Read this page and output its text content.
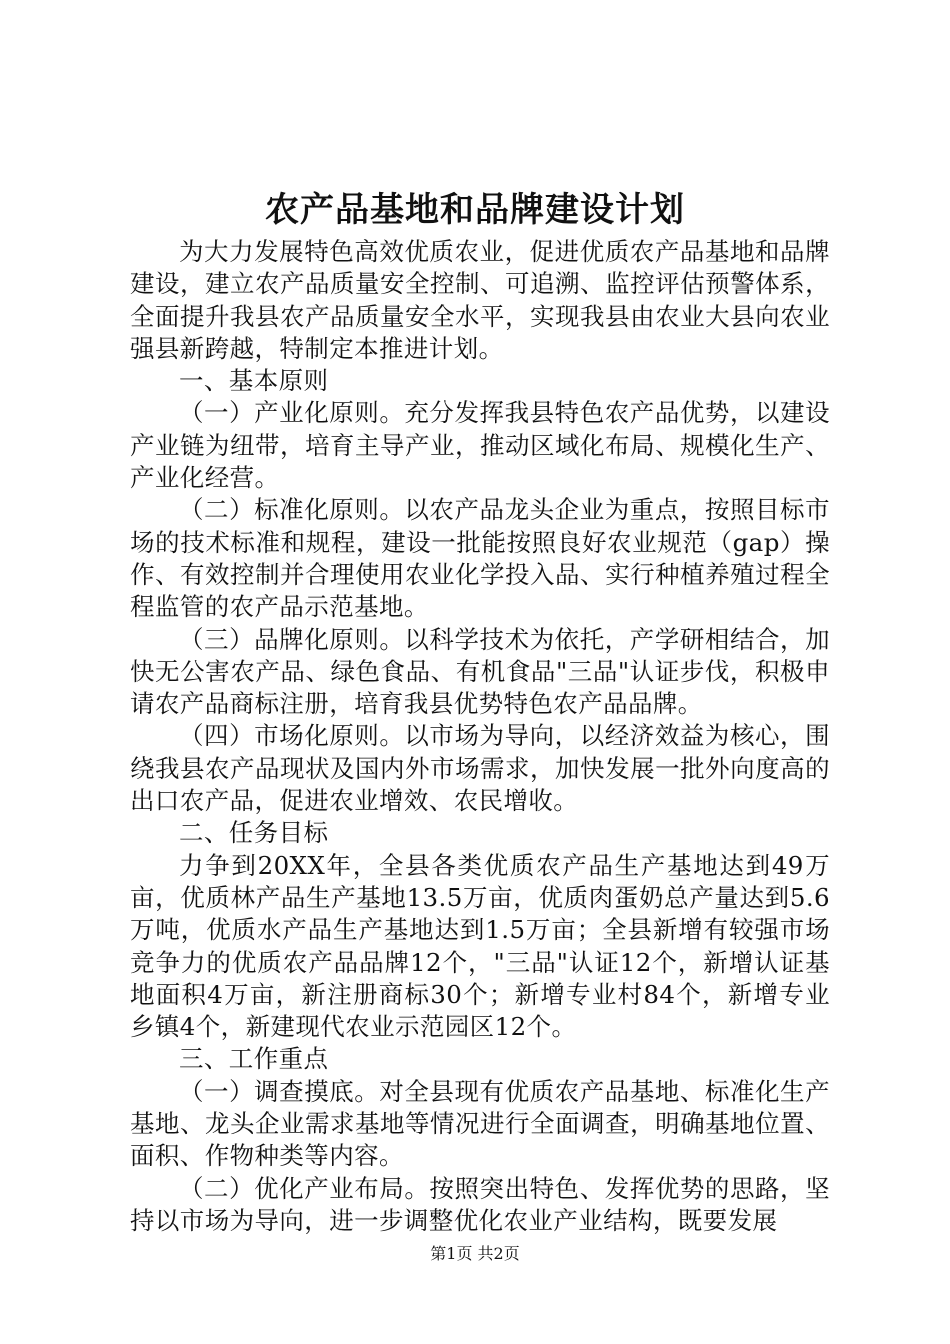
农产品基地和品牌建设计划

为大力发展特色高效优质农业，促进优质农产品基地和品牌建设，建立农产品质量安全控制、可追溯、监控评估预警体系，全面提升我县农产品质量安全水平，实现我县由农业大县向农业强县新跨越，特制定本推进计划。

一、基本原则

（一）产业化原则。充分发挥我县特色农产品优势，以建设产业链为纽带，培育主导产业，推动区域化布局、规模化生产、产业化经营。

（二）标准化原则。以农产品龙头企业为重点，按照目标市场的技术标准和规程，建设一批能按照良好农业规范（gap）操作、有效控制并合理使用农业化学投入品、实行种植养殖过程全程监管的农产品示范基地。

（三）品牌化原则。以科学技术为依托，产学研相结合，加快无公害农产品、绿色食品、有机食品"三品"认证步伐，积极申请农产品商标注册，培育我县优势特色农产品品牌。

（四）市场化原则。以市场为导向，以经济效益为核心，围绕我县农产品现状及国内外市场需求，加快发展一批外向度高的出口农产品，促进农业增效、农民增收。

二、任务目标

力争到20XX年，全县各类优质农产品生产基地达到49万亩，优质林产品生产基地13.5万亩，优质肉蛋奶总产量达到5.6万吨，优质水产品生产基地达到1.5万亩；全县新增有较强市场竞争力的优质农产品品牌12个，"三品"认证12个，新增认证基地面积4万亩，新注册商标30个；新增专业村84个，新增专业乡镇4个，新建现代农业示范园区12个。

三、工作重点

（一）调查摸底。对全县现有优质农产品基地、标准化生产基地、龙头企业需求基地等情况进行全面调查，明确基地位置、面积、作物种类等内容。

（二）优化产业布局。按照突出特色、发挥优势的思路，坚持以市场为导向，进一步调整优化农业产业结构，既要发展

第1页 共2页
